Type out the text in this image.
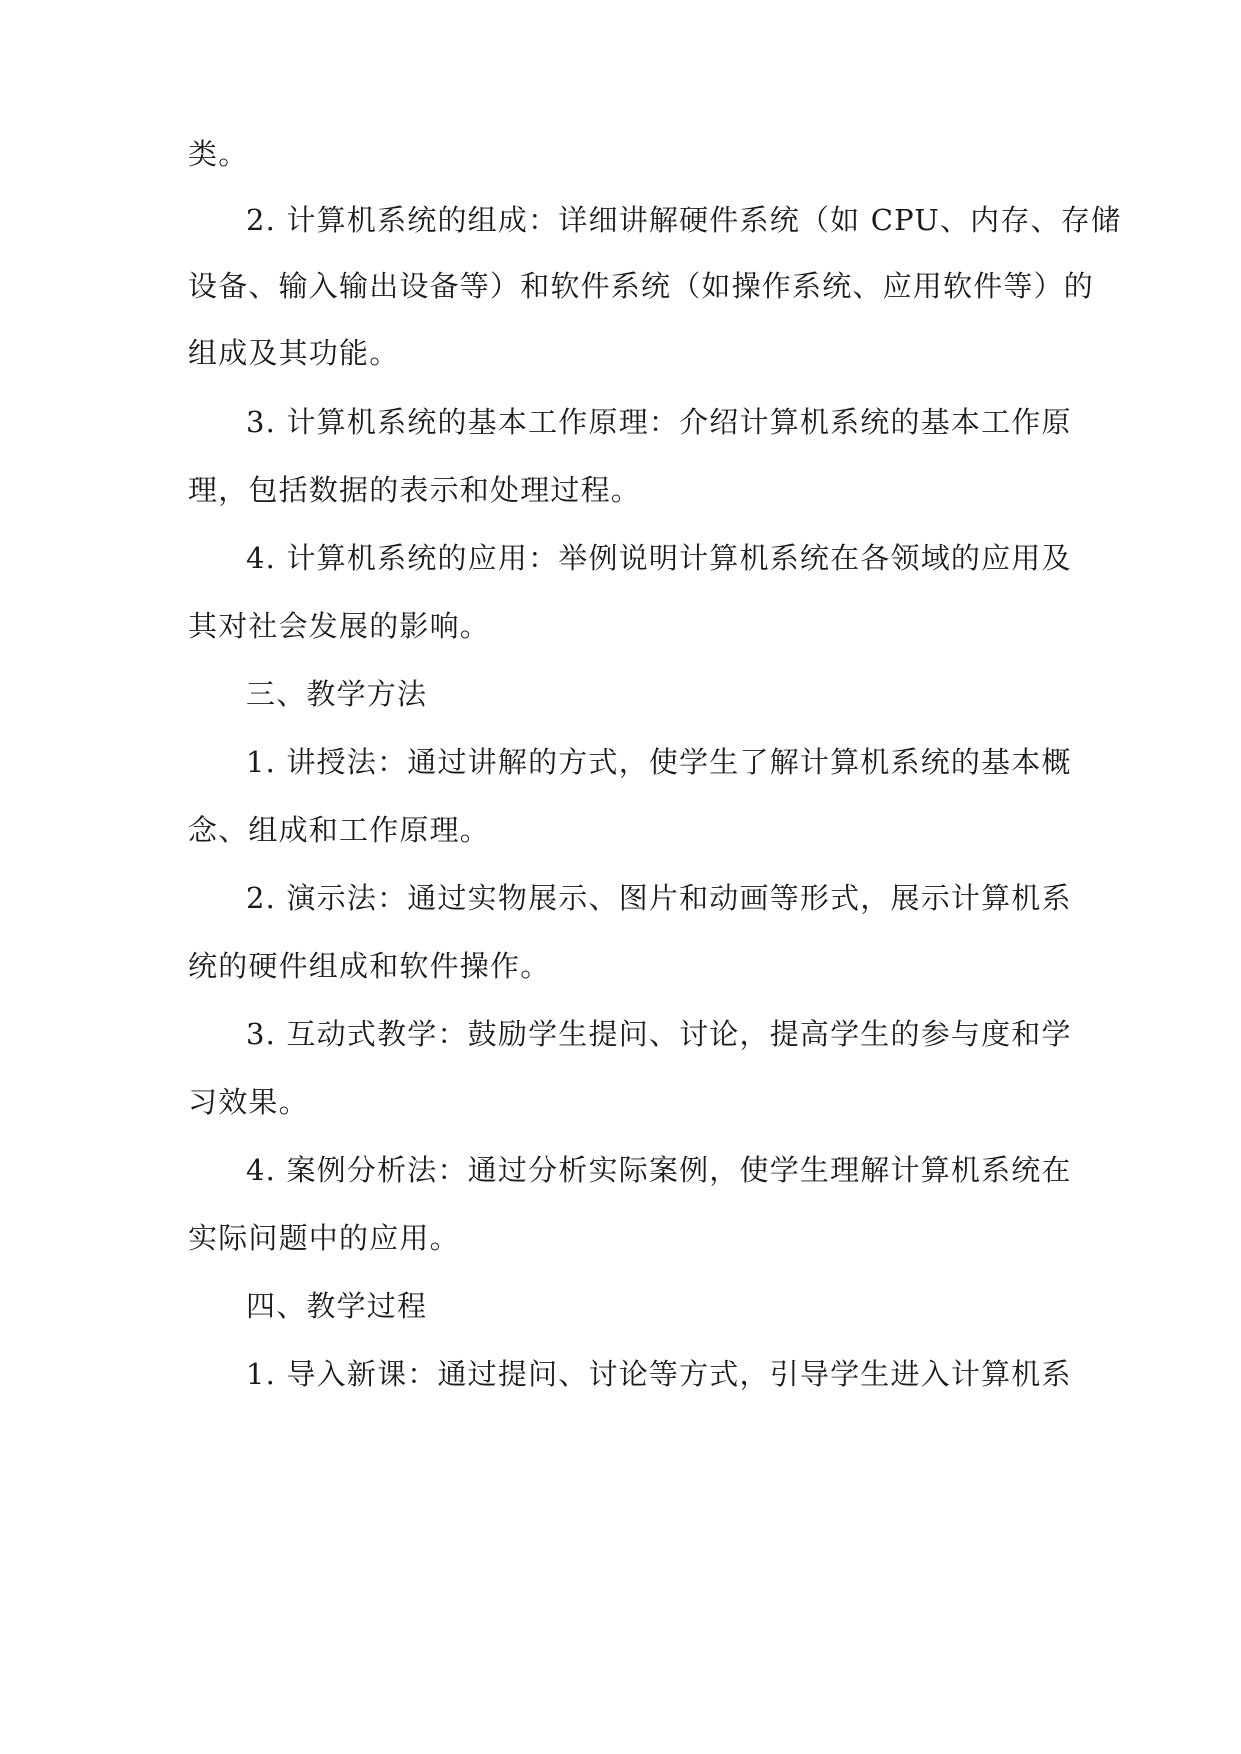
类。

2. 计算机系统的组成：详细讲解硬件系统（如 CPU、内存、存储

设备、输入输出设备等）和软件系统（如操作系统、应用软件等）的

组成及其功能。

3. 计算机系统的基本工作原理：介绍计算机系统的基本工作原

理，包括数据的表示和处理过程。

4. 计算机系统的应用：举例说明计算机系统在各领域的应用及

其对社会发展的影响。

三、教学方法

1. 讲授法：通过讲解的方式，使学生了解计算机系统的基本概

念、组成和工作原理。

2. 演示法：通过实物展示、图片和动画等形式，展示计算机系

统的硬件组成和软件操作。

3. 互动式教学：鼓励学生提问、讨论，提高学生的参与度和学

习效果。

4. 案例分析法：通过分析实际案例，使学生理解计算机系统在

实际问题中的应用。

四、教学过程

1. 导入新课：通过提问、讨论等方式，引导学生进入计算机系
